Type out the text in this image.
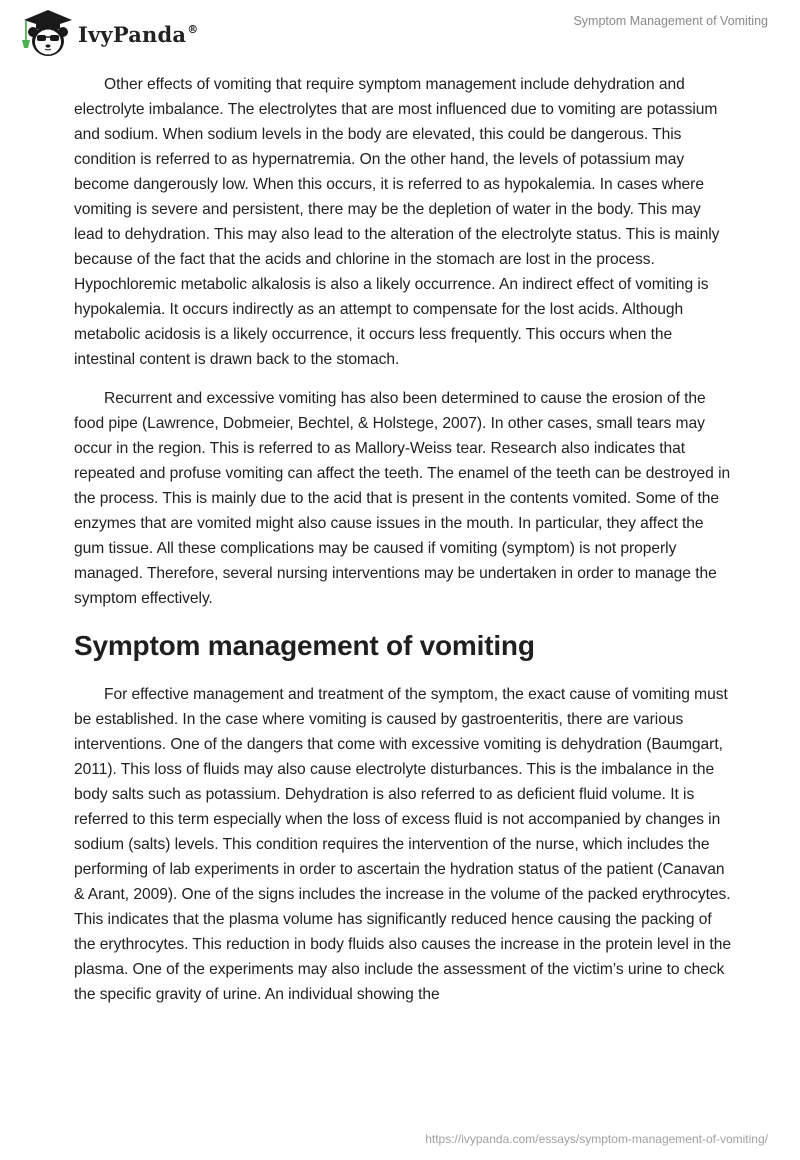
IvyPanda®
Symptom Management of Vomiting

Other effects of vomiting that require symptom management include dehydration and electrolyte imbalance. The electrolytes that are most influenced due to vomiting are potassium and sodium. When sodium levels in the body are elevated, this could be dangerous. This condition is referred to as hypernatremia. On the other hand, the levels of potassium may become dangerously low. When this occurs, it is referred to as hypokalemia. In cases where vomiting is severe and persistent, there may be the depletion of water in the body. This may lead to dehydration. This may also lead to the alteration of the electrolyte status. This is mainly because of the fact that the acids and chlorine in the stomach are lost in the process. Hypochloremic metabolic alkalosis is also a likely occurrence. An indirect effect of vomiting is hypokalemia. It occurs indirectly as an attempt to compensate for the lost acids. Although metabolic acidosis is a likely occurrence, it occurs less frequently. This occurs when the intestinal content is drawn back to the stomach.

Recurrent and excessive vomiting has also been determined to cause the erosion of the food pipe (Lawrence, Dobmeier, Bechtel, & Holstege, 2007). In other cases, small tears may occur in the region. This is referred to as Mallory-Weiss tear. Research also indicates that repeated and profuse vomiting can affect the teeth. The enamel of the teeth can be destroyed in the process. This is mainly due to the acid that is present in the contents vomited. Some of the enzymes that are vomited might also cause issues in the mouth. In particular, they affect the gum tissue. All these complications may be caused if vomiting (symptom) is not properly managed. Therefore, several nursing interventions may be undertaken in order to manage the symptom effectively.

Symptom management of vomiting

For effective management and treatment of the symptom, the exact cause of vomiting must be established. In the case where vomiting is caused by gastroenteritis, there are various interventions. One of the dangers that come with excessive vomiting is dehydration (Baumgart, 2011). This loss of fluids may also cause electrolyte disturbances. This is the imbalance in the body salts such as potassium. Dehydration is also referred to as deficient fluid volume. It is referred to this term especially when the loss of excess fluid is not accompanied by changes in sodium (salts) levels. This condition requires the intervention of the nurse, which includes the performing of lab experiments in order to ascertain the hydration status of the patient (Canavan & Arant, 2009). One of the signs includes the increase in the volume of the packed erythrocytes. This indicates that the plasma volume has significantly reduced hence causing the packing of the erythrocytes. This reduction in body fluids also causes the increase in the protein level in the plasma. One of the experiments may also include the assessment of the victim’s urine to check the specific gravity of urine. An individual showing the

https://ivypanda.com/essays/symptom-management-of-vomiting/
